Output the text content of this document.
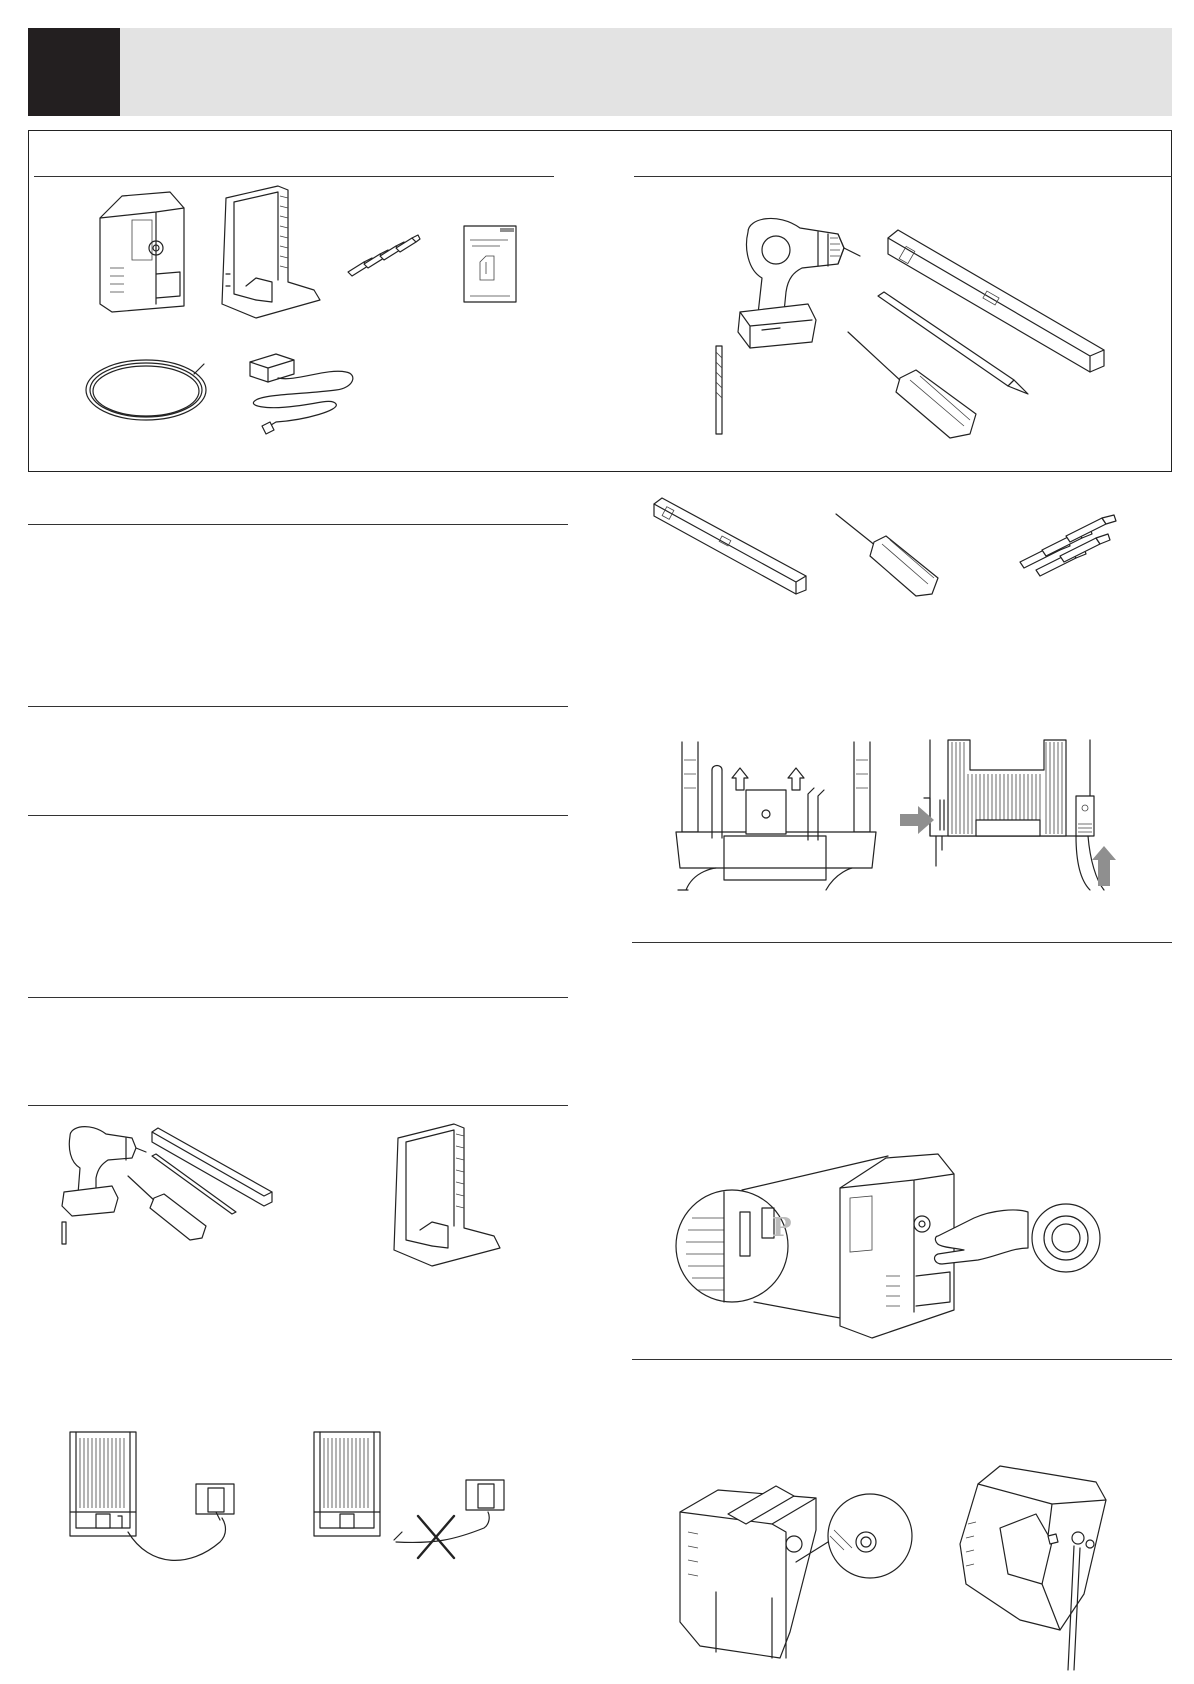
P
